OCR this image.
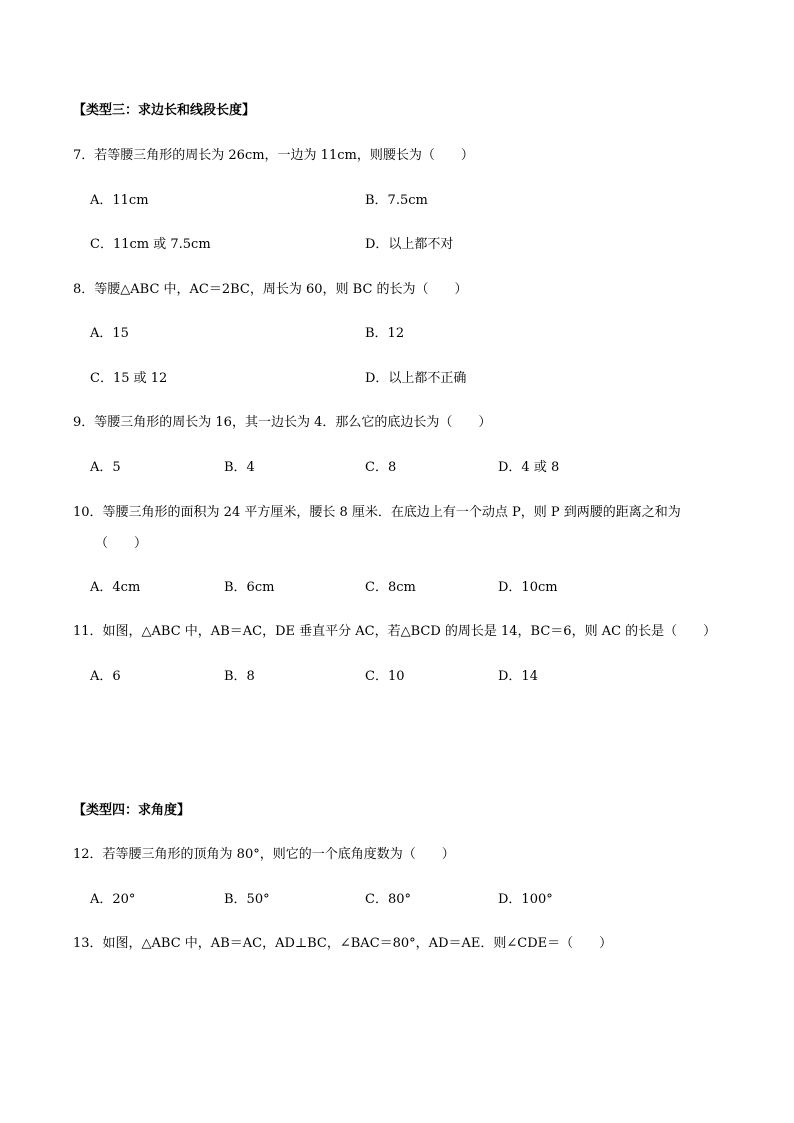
【类型三：求边长和线段长度】
7．若等腰三角形的周长为 26cm，一边为 11cm，则腰长为（　　）
A．11cm	B．7.5cm
C．11cm 或 7.5cm	D．以上都不对
8．等腰△ABC 中，AC＝2BC，周长为 60，则 BC 的长为（　　）
A．15	B．12
C．15 或 12	D．以上都不正确
9．等腰三角形的周长为 16，其一边长为 4．那么它的底边长为（　　）
A．5	B．4	C．8	D．4 或 8
10．等腰三角形的面积为 24 平方厘米，腰长 8 厘米．在底边上有一个动点 P，则 P 到两腰的距离之和为
（　　）
A．4cm	B．6cm	C．8cm	D．10cm
11．如图，△ABC 中，AB＝AC，DE 垂直平分 AC，若△BCD 的周长是 14，BC＝6，则 AC 的长是（　　）
A．6	B．8	C．10	D．14
【类型四：求角度】
12．若等腰三角形的顶角为 80°，则它的一个底角度数为（　　）
A．20°	B．50°	C．80°	D．100°
13．如图，△ABC 中，AB＝AC，AD⊥BC，∠BAC＝80°，AD＝AE．则∠CDE＝（　　）
